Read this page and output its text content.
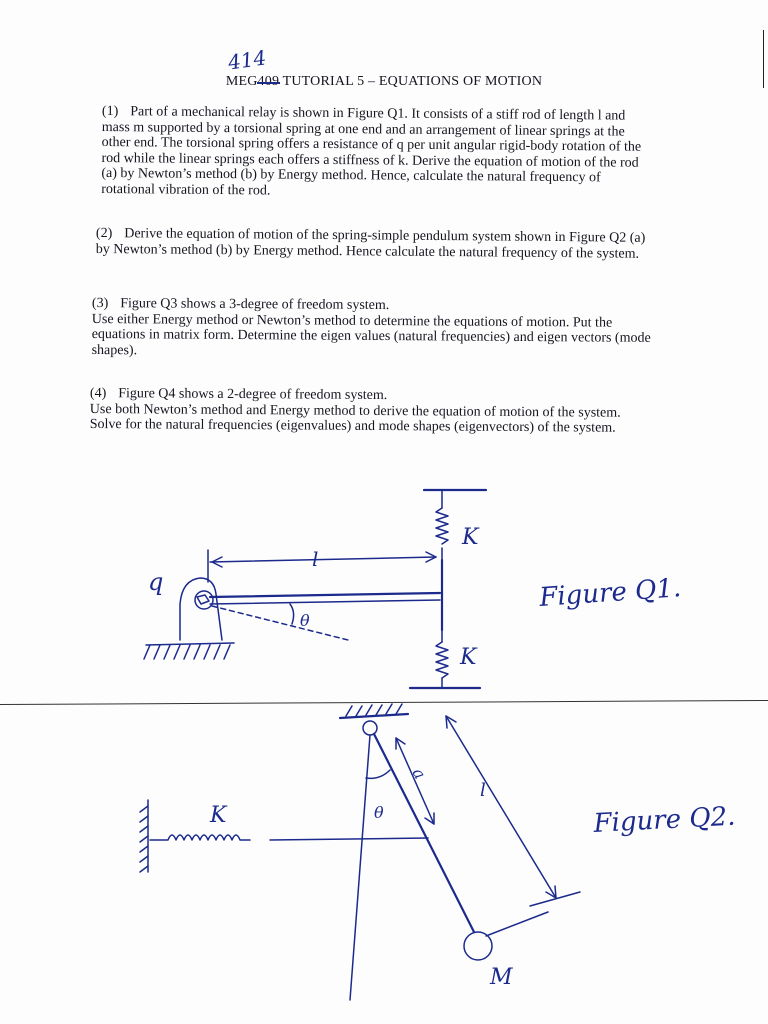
414
MEG409 TUTORIAL 5 – EQUATIONS OF MOTION
(1) Part of a mechanical relay is shown in Figure Q1. It consists of a stiff rod of length l and mass m supported by a torsional spring at one end and an arrangement of linear springs at the other end. The torsional spring offers a resistance of q per unit angular rigid-body rotation of the rod while the linear springs each offers a stiffness of k. Derive the equation of motion of the rod (a) by Newton’s method (b) by Energy method. Hence, calculate the natural frequency of rotational vibration of the rod.
(2) Derive the equation of motion of the spring-simple pendulum system shown in Figure Q2 (a) by Newton’s method (b) by Energy method. Hence calculate the natural frequency of the system.
(3) Figure Q3 shows a 3-degree of freedom system.
Use either Energy method or Newton’s method to determine the equations of motion. Put the equations in matrix form. Determine the eigen values (natural frequencies) and eigen vectors (mode shapes).
(4) Figure Q4 shows a 2-degree of freedom system.
Use both Newton’s method and Energy method to derive the equation of motion of the system. Solve for the natural frequencies (eigenvalues) and mode shapes (eigenvectors) of the system.
q
l
θ
K
K
Figure Q1.
a
l
θ
K
M
Figure Q2.
